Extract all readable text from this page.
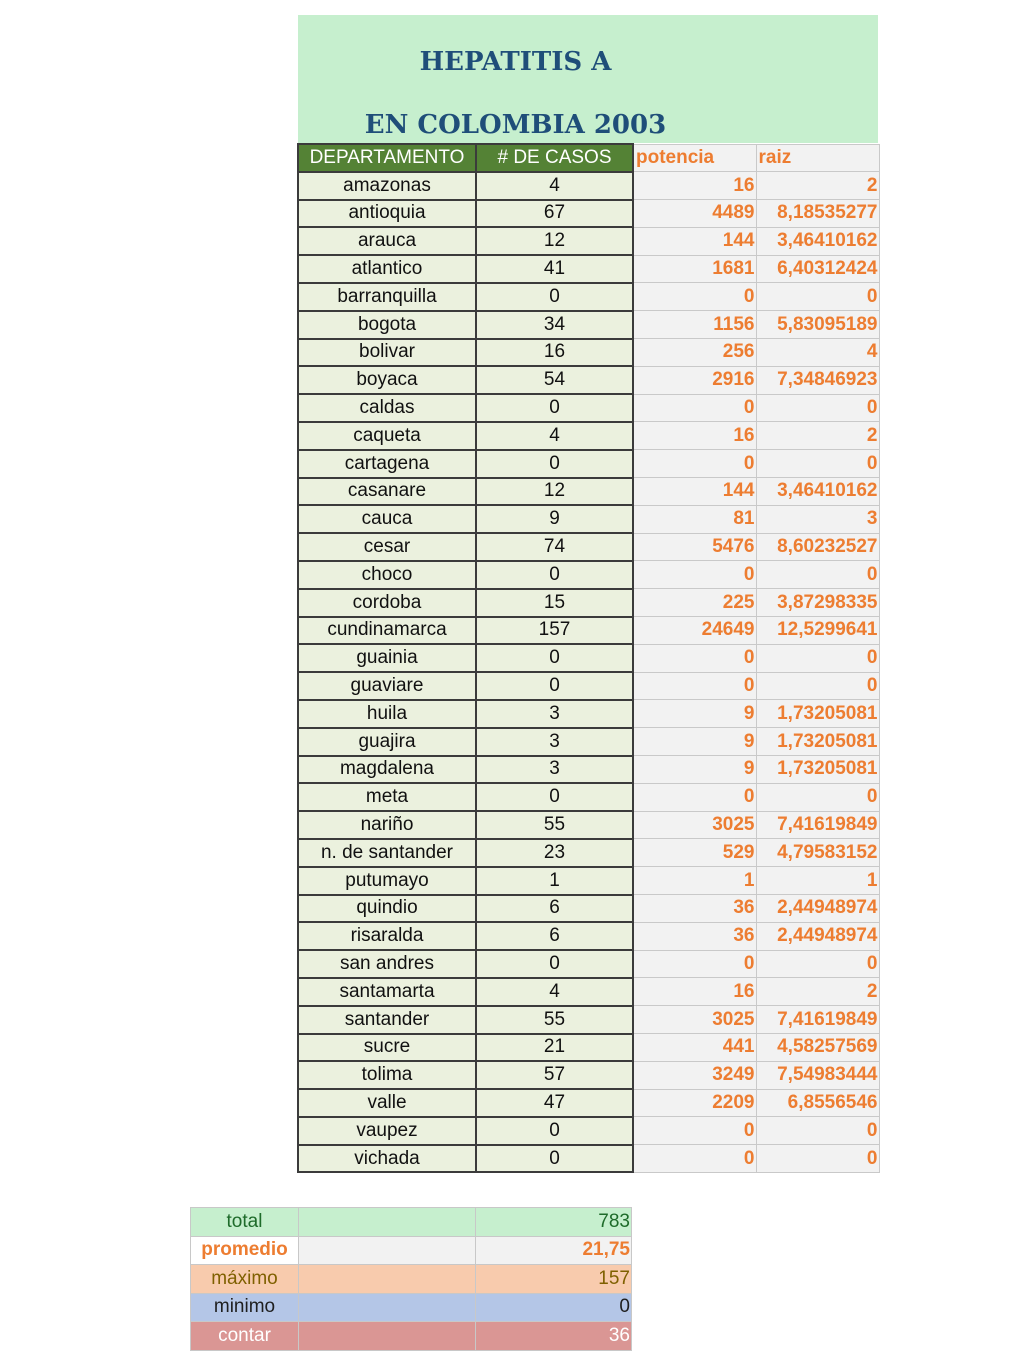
HEPATITIS A

EN COLOMBIA 2003

DEPARTAMENTO	# DE CASOS	potencia	raiz
amazonas	4	16	2
antioquia	67	4489	8,18535277
arauca	12	144	3,46410162
atlantico	41	1681	6,40312424
barranquilla	0	0	0
bogota	34	1156	5,83095189
bolivar	16	256	4
boyaca	54	2916	7,34846923
caldas	0	0	0
caqueta	4	16	2
cartagena	0	0	0
casanare	12	144	3,46410162
cauca	9	81	3
cesar	74	5476	8,60232527
choco	0	0	0
cordoba	15	225	3,87298335
cundinamarca	157	24649	12,5299641
guainia	0	0	0
guaviare	0	0	0
huila	3	9	1,73205081
guajira	3	9	1,73205081
magdalena	3	9	1,73205081
meta	0	0	0
nariño	55	3025	7,41619849
n. de santander	23	529	4,79583152
putumayo	1	1	1
quindio	6	36	2,44948974
risaralda	6	36	2,44948974
san andres	0	0	0
santamarta	4	16	2
santander	55	3025	7,41619849
sucre	21	441	4,58257569
tolima	57	3249	7,54983444
valle	47	2209	6,8556546
vaupez	0	0	0
vichada	0	0	0
total		783
promedio		21,75
máximo		157
minimo		0
contar		36
